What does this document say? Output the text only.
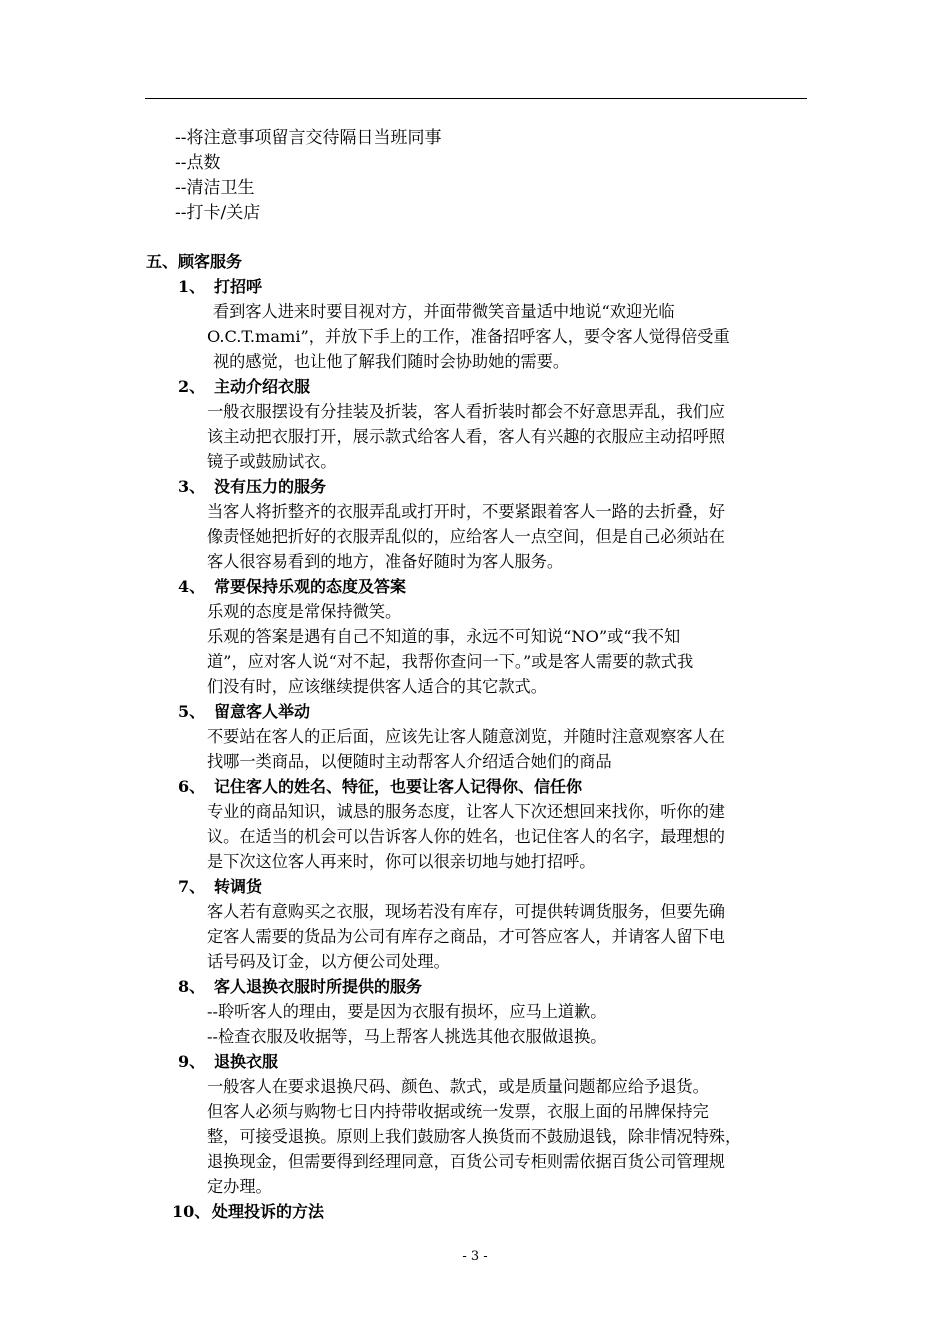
--将注意事项留言交待隔日当班同事
--点数
--清洁卫生
--打卡/关店
五、顾客服务
1、 打招呼
看到客人进来时要目视对方，并面带微笑音量适中地说“欢迎光临
O.C.T.mami”，并放下手上的工作，准备招呼客人，要令客人觉得倍受重
视的感觉，也让他了解我们随时会协助她的需要。
2、 主动介绍衣服
一般衣服摆设有分挂装及折装，客人看折装时都会不好意思弄乱，我们应
该主动把衣服打开，展示款式给客人看，客人有兴趣的衣服应主动招呼照
镜子或鼓励试衣。
3、 没有压力的服务
当客人将折整齐的衣服弄乱或打开时，不要紧跟着客人一路的去折叠，好
像责怪她把折好的衣服弄乱似的，应给客人一点空间，但是自己必须站在
客人很容易看到的地方，准备好随时为客人服务。
4、 常要保持乐观的态度及答案
乐观的态度是常保持微笑。
乐观的答案是遇有自己不知道的事，永远不可知说“NO”或“我不知
道”，应对客人说“对不起，我帮你查问一下。”或是客人需要的款式我
们没有时，应该继续提供客人适合的其它款式。
5、 留意客人举动
不要站在客人的正后面，应该先让客人随意浏览，并随时注意观察客人在
找哪一类商品，以便随时主动帮客人介绍适合她们的商品
6、 记住客人的姓名、特征，也要让客人记得你、信任你
专业的商品知识，诚恳的服务态度，让客人下次还想回来找你，听你的建
议。在适当的机会可以告诉客人你的姓名，也记住客人的名字，最理想的
是下次这位客人再来时，你可以很亲切地与她打招呼。
7、 转调货
客人若有意购买之衣服，现场若没有库存，可提供转调货服务，但要先确
定客人需要的货品为公司有库存之商品，才可答应客人，并请客人留下电
话号码及订金，以方便公司处理。
8、 客人退换衣服时所提供的服务
--聆听客人的理由，要是因为衣服有损坏，应马上道歉。
--检查衣服及收据等，马上帮客人挑选其他衣服做退换。
9、 退换衣服
一般客人在要求退换尺码、颜色、款式，或是质量问题都应给予退货。
但客人必须与购物七日内持带收据或统一发票，衣服上面的吊牌保持完
整，可接受退换。原则上我们鼓励客人换货而不鼓励退钱，除非情况特殊，
退换现金，但需要得到经理同意，百货公司专柜则需依据百货公司管理规
定办理。
10、 处理投诉的方法
- 3 -
